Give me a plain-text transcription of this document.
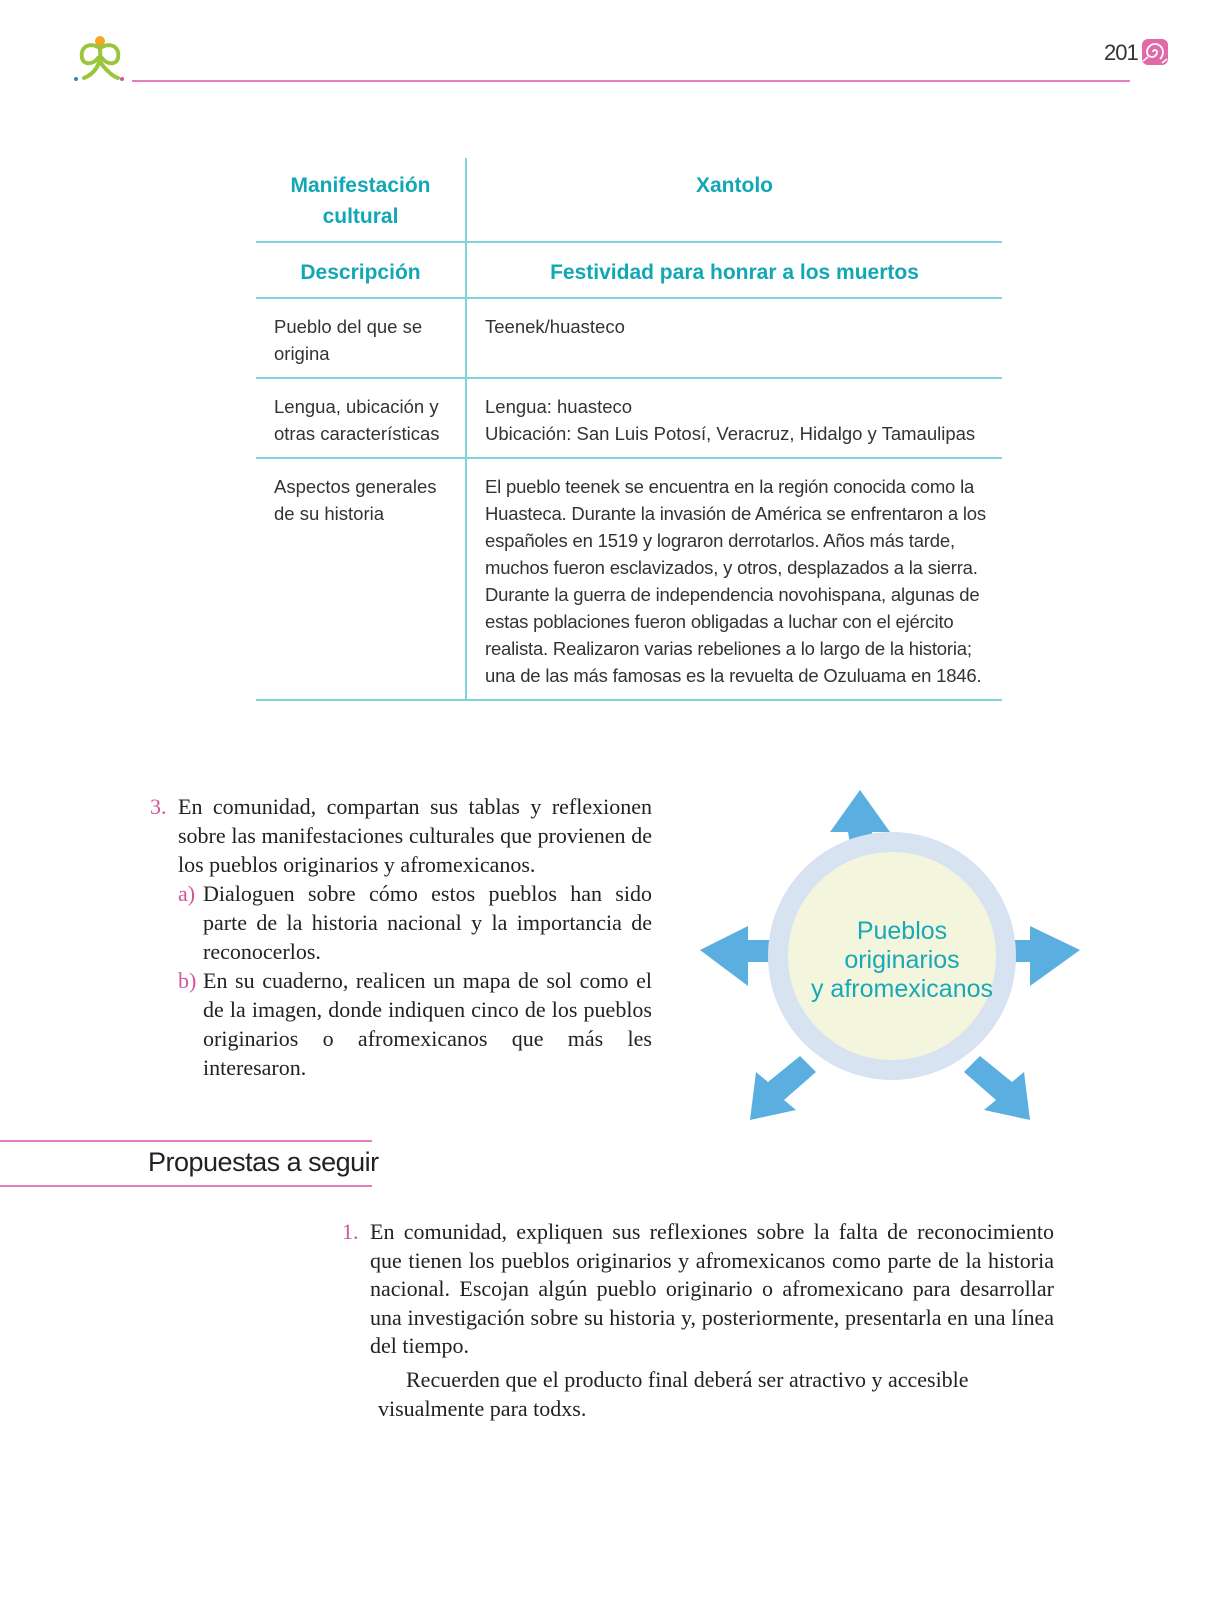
201
Manifestación cultural	Xantolo
Descripción	Festividad para honrar a los muertos
Pueblo del que se origina	Teenek/huasteco
Lengua, ubicación y otras características	Lengua: huasteco
Ubicación: San Luis Potosí, Veracruz, Hidalgo y Tamaulipas

Aspectos generales de su historia	El pueblo teenek se encuentra en la región conocida como la Huasteca. Durante la invasión de América se enfrentaron a los españoles en 1519 y lograron derrotarlos. Años más tarde, muchos fueron esclavizados, y otros, desplazados a la sierra. Durante la guerra de independencia novohispana, algunas de estas poblaciones fueron obligadas a luchar con el ejército realista. Realizaron varias rebeliones a lo largo de la historia; una de las más famosas es la revuelta de Ozuluama en 1846.
3. En comunidad, compartan sus tablas y reflexionen sobre las manifestaciones culturales que provienen de los pueblos originarios y afromexicanos.
a) Dialoguen sobre cómo estos pueblos han sido parte de la historia nacional y la importancia de reconocerlos.
b) En su cuaderno, realicen un mapa de sol como el de la imagen, donde indiquen cinco de los pueblos originarios o afromexicanos que más les interesaron.
Pueblos
originarios
y afromexicanos
Propuestas a seguir
1. En comunidad, expliquen sus reflexiones sobre la falta de reconocimiento que tienen los pueblos originarios y afromexicanos como parte de la historia nacional. Escojan algún pueblo originario o afromexicano para desarrollar una investigación sobre su historia y, posteriormente, presentarla en una línea del tiempo.
Recuerden que el producto final deberá ser atractivo y accesible visualmente para todxs.
